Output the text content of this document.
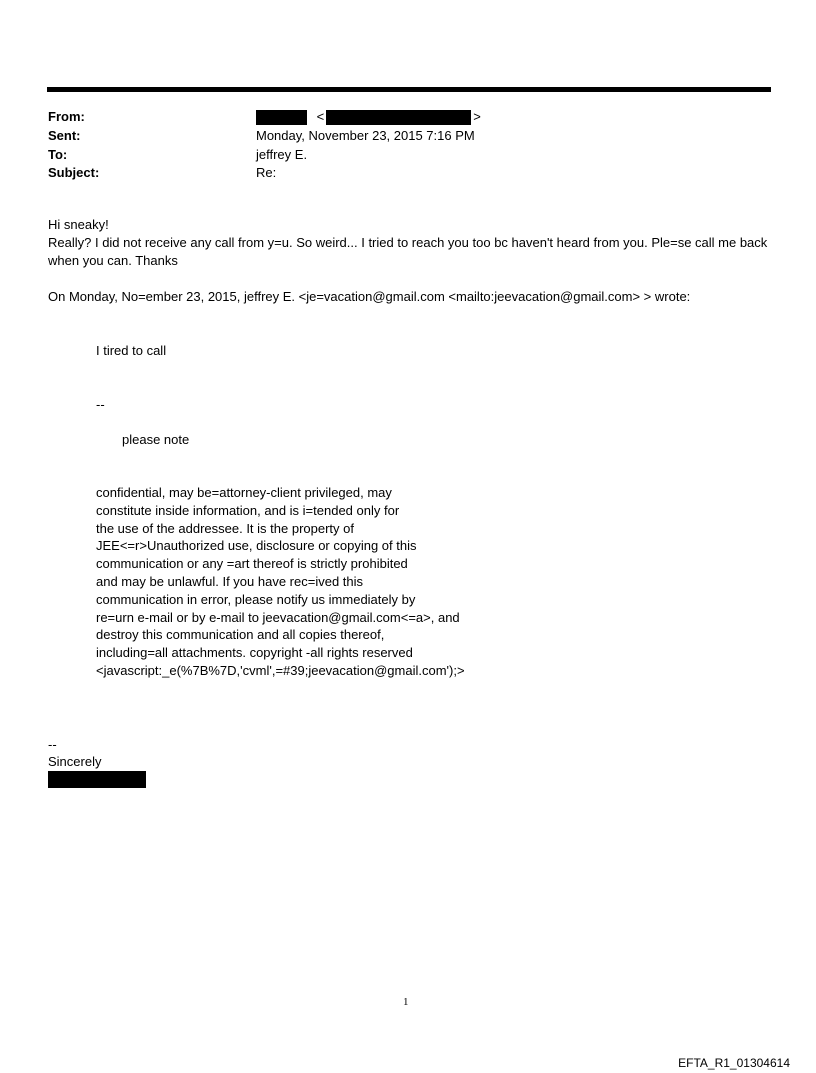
From:
Sent:
To:
Subject:
<	>
Monday, November 23, 2015 7:16 PM
jeffrey E.
Re:

Hi sneaky!

Really? I did not receive any call from y=u. So weird... I tried to reach you too bc haven't heard from you. Ple=se call me back when you can. Thanks

On Monday, No=ember 23, 2015, jeffrey E. <je=vacation@gmail.com <mailto:jeevacation@gmail.com> > wrote:
I tired to call
--
please note
confidential, may be=attorney-client privileged, may
constitute inside information, and is i=tended only for
the use of the addressee. It is the property of
JEE<=r>Unauthorized use, disclosure or copying of this
communication or any =art thereof is strictly prohibited
and may be unlawful. If you have rec=ived this
communication in error, please notify us immediately by
re=urn e-mail or by e-mail to jeevacation@gmail.com<=a>, and
destroy this communication and all copies thereof,
including=all attachments. copyright -all rights reserved
<javascript:_e(%7B%7D,'cvml',=#39;jeevacation@gmail.com');>
--
Sincerely
1
EFTA_R1_01304614
